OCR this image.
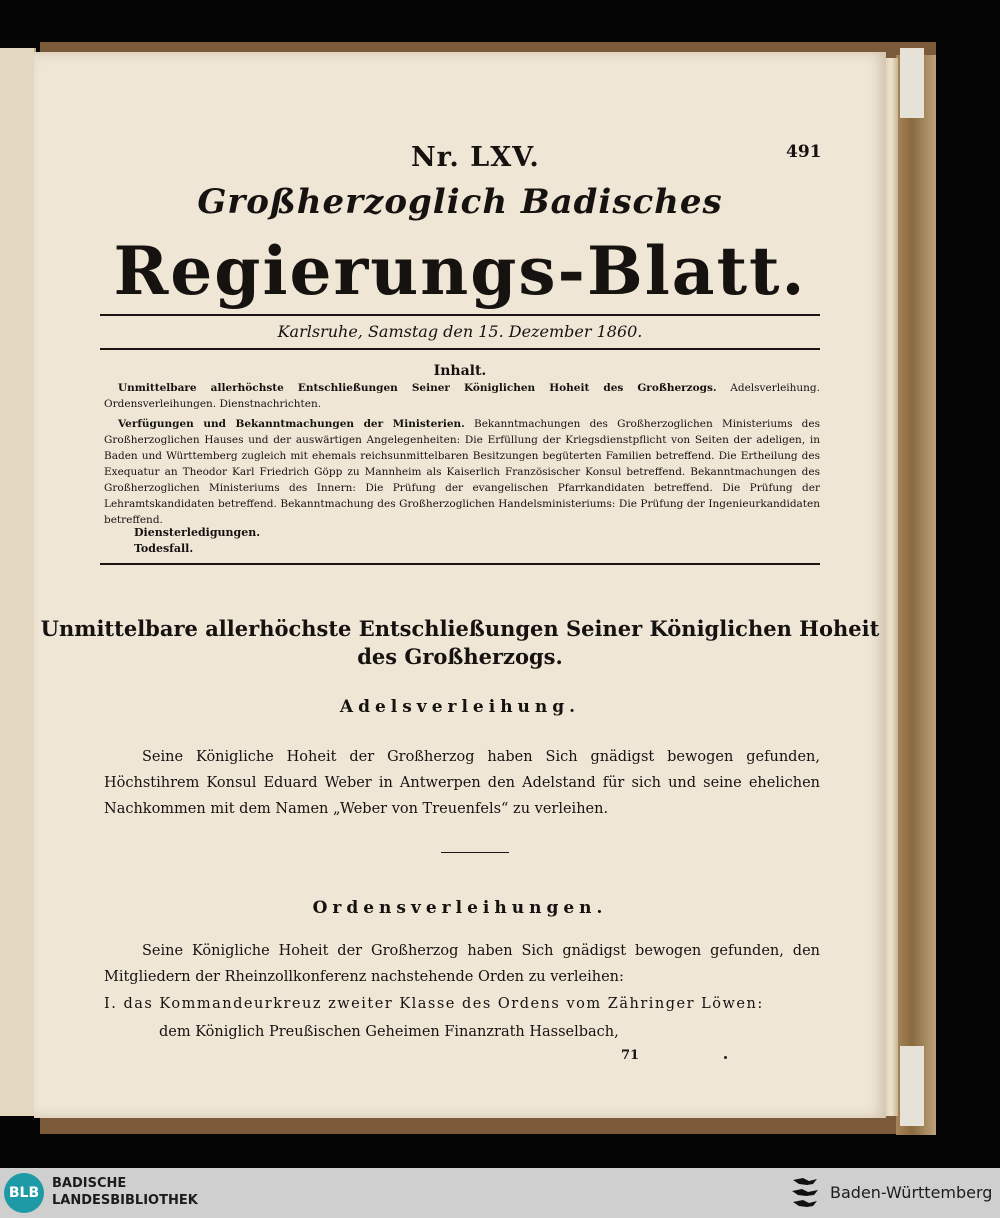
Nr. LXV.	491
Großherzoglich Badisches
Regierungs-Blatt.
Karlsruhe, Samstag den 15. Dezember 1860.
Inhalt.
Unmittelbare allerhöchste Entschließungen Seiner Königlichen Hoheit des Großherzogs. Adelsverleihung. Ordensverleihungen. Dienstnachrichten.
Verfügungen und Bekanntmachungen der Ministerien. Bekanntmachungen des Großherzoglichen Ministeriums des Großherzoglichen Hauses und der auswärtigen Angelegenheiten: Die Erfüllung der Kriegsdienstpflicht von Seiten der adeligen, in Baden und Württemberg zugleich mit ehemals reichsunmittelbaren Besitzungen begüterten Familien betreffend. Die Ertheilung des Exequatur an Theodor Karl Friedrich Göpp zu Mannheim als Kaiserlich Französischer Konsul betreffend. Bekanntmachungen des Großherzoglichen Ministeriums des Innern: Die Prüfung der evangelischen Pfarrkandidaten betreffend. Die Prüfung der Lehramtskandidaten betreffend. Bekanntmachung des Großherzoglichen Handelsministeriums: Die Prüfung der Ingenieurkandidaten betreffend.
Diensterledigungen.
Todesfall.
Unmittelbare allerhöchste Entschließungen Seiner Königlichen Hoheit des Großherzogs.
Adelsverleihung.
Seine Königliche Hoheit der Großherzog haben Sich gnädigst bewogen gefunden, Höchstihrem Konsul Eduard Weber in Antwerpen den Adelstand für sich und seine ehelichen Nachkommen mit dem Namen „Weber von Treuenfels“ zu verleihen.
Ordensverleihungen.
Seine Königliche Hoheit der Großherzog haben Sich gnädigst bewogen gefunden, den Mitgliedern der Rheinzollkonferenz nachstehende Orden zu verleihen:
I. das Kommandeurkreuz zweiter Klasse des Ordens vom Zähringer Löwen:
dem Königlich Preußischen Geheimen Finanzrath Hasselbach,
71
BLB
BADISCHE
LANDESBIBLIOTHEK	Baden-Württemberg
